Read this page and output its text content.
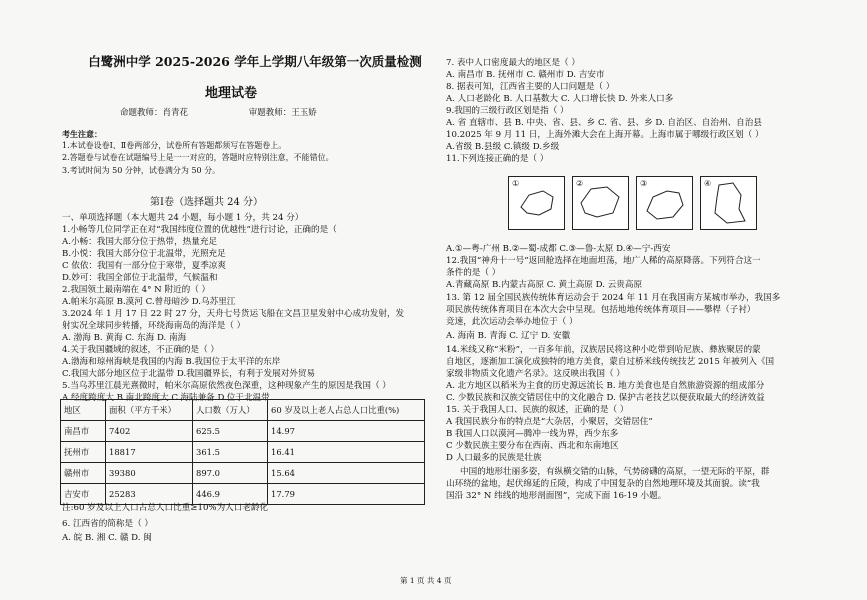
白鹭洲中学 2025-2026 学年上学期八年级第一次质量检测
地理试卷
命题教师：肖青花	审题教师：王玉娇
考生注意：
1.本试卷设卷Ⅰ、Ⅱ卷两部分，试卷所有答题都须写在答题卷上。
2.答题卷与试卷在试题编号上是一一对应的，答题时应特别注意，不能错位。
3.考试时间为 50 分钟，试卷满分为 50 分。
第Ⅰ卷（选择题共 24 分）
一、单项选择题（本大题共 24 小题，每小题 1 分，共 24 分）
1.小畅等几位同学正在对“我国纬度位置的优越性”进行讨论，正确的是（
A.小畅：我国大部分位于热带，热量充足
B.小悦：我国大部分位于北温带，光照充足
C 依依：我国有一部分位于寒带，夏季凉爽
D.妙可：我国全部位于北温带，气候温和
2.我国领土最南端在 4° N 附近的（ ）
A.帕米尔高原 B.漠河 C.曾母暗沙 D.乌苏里江
3.2024 年 1 月 17 日 22 时 27 分，天舟七号货运飞船在文昌卫星发射中心成功发射，发
射实况全球同步转播，环绕海南岛的海洋是（ ）
A. 渤海 B. 黄海 C. 东海 D. 南海
4.关于我国疆域的叙述，不正确的是（ ）
A.渤海和琼州海峡是我国的内海 B.我国位于太平洋的东岸
C.我国大部分地区位于北温带 D.我国疆界长，有利于发展对外贸易
5.当乌苏里江晨光熹微时，帕米尔高原依然夜色深重，这种现象产生的原因是我国（ ）
A.经度跨度大 B.南北跨度大 C.海陆兼备 D.位于北温带
地区	面积（平方千米）	人口数（万人）	60 岁及以上老人占总人口比重(%)
南昌市	7402	625.5	14.97
抚州市	18817	361.5	16.41
赣州市	39380	897.0	15.64
吉安市	25283	446.9	17.79
注:60 岁及以上人口占总人口比重≥10%为人口老龄化
6. 江西省的简称是（ ）
A. 皖 B. 湘 C. 赣 D. 闽
7. 表中人口密度最大的地区是（ ）
A. 南昌市 B. 抚州市 C. 赣州市 D. 吉安市
8. 据表可知，江西省主要的人口问题是（ ）
A. 人口老龄化 B. 人口基数大 C. 人口增长快 D. 外来人口多
9.我国的三级行政区划是指（ ）
A. 省 直辖市、县 B. 中央、省、县、乡 C. 省、县、乡 D. 自治区、自治州、自治县
10.2025 年 9 月 11 日，上海外滩大会在上海开幕。上海市属于哪级行政区划（ ）
A.省级 B.县级 C.镇级 D.乡级
11.下列连接正确的是（ ）
①	②	③	④
A.①—粤-广州 B.②—蜀-成都 C.③—鲁-太原 D.④—宁-西安
12.我国“神舟十一号”返回舱选择在地面坦荡，地广人稀的高原降落。下列符合这一
条件的是（ ）
A.青藏高原 B.内蒙古高原 C. 黄土高原 D. 云贵高原
13. 第 12 届全国民族传统体育运动会于 2024 年 11 月在我国南方某城市举办，我国多
项民族传统体育项目在本次大会中呈现。包括地地传统体育项目——攀桿（子衬）
竞速，此次运动会举办地位于（ ）
A. 海南 B. 青海 C. 辽宁 D. 安徽
14.米线又称“米粉”，一百多年前，汉族居民将这种小吃带到哈尼族、彝族聚居的蒙
自地区，逐渐加工演化成独特的地方美食，蒙自过桥米线传统技艺 2015 年被列入《国
家级非物质文化遗产名录》。这反映出我国（ ）
A. 北方地区以稻米为主食的历史源远流长 B. 地方美食也是自然旅游资源的组成部分
C. 少数民族和汉族交错居住中的文化融合 D. 保护古老技艺以便获取最大的经济效益
15. 关于我国人口、民族的叙述，正确的是（ ）
A 我国民族分布的特点是“大杂居，小聚居，交错居住”
B 我国人口以漠河—腾冲一线为界，西少东多
C 少数民族主要分布在西南、西北和东南地区
D 人口最多的民族是壮族
中国的地形壮丽多姿，有纵横交错的山脉，气势磅礴的高原，一望无际的平原，群
山环绕的盆地，起伏绵延的丘陵，构成了中国复杂的自然地理环境及其面貌。读“我
国沿 32° N 纬线的地形剖面图”，完成下面 16-19 小题。
第 1 页 共 4 页
